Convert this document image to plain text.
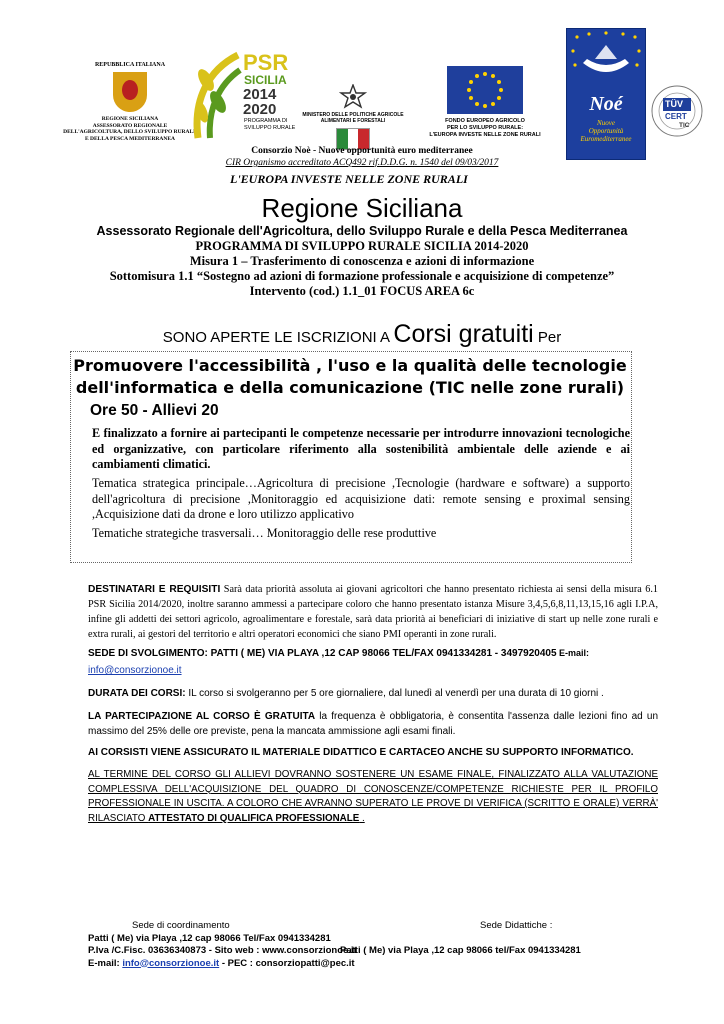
REPUBBLICA ITALIANA
REGIONE SICILIANA
ASSESSORATO REGIONALE
DELL'AGRICOLTURA, DELLO SVILUPPO RURALE
E DELLA PESCA MEDITERRANEA
PSR
SICILIA
2014
2020
PROGRAMMA DI
SVILUPPO RURALE
MINISTERO DELLE POLITICHE AGRICOLE
ALIMENTARI E FORESTALI	FONDO EUROPEO AGRICOLO
PER LO SVILUPPO RURALE:
L'EUROPA INVESTE NELLE ZONE RURALI
Noé
Nuove
Opportunità
Euromediterranee
TÜV
CERT
TIC
Consorzio Noè - Nuove opportunità euro mediterranee
CIR Organismo accreditato ACQ492 rif.D.D.G. n. 1540 del 09/03/2017
L'EUROPA INVESTE NELLE ZONE RURALI
Regione Siciliana
Assessorato Regionale dell'Agricoltura, dello Sviluppo Rurale e della Pesca Mediterranea
PROGRAMMA DI SVILUPPO RURALE SICILIA 2014-2020
Misura 1 – Trasferimento di conoscenza e azioni di informazione
Sottomisura 1.1 “Sostegno ad azioni di formazione professionale e acquisizione di competenze”
Intervento (cod.) 1.1_01 FOCUS AREA 6c
SONO APERTE LE ISCRIZIONI A Corsi gratuiti Per
Promuovere l'accessibilità , l'uso e la qualità delle tecnologie
dell'informatica e della comunicazione (TIC nelle zone rurali)
Ore 50 - Allievi 20
E finalizzato a fornire ai partecipanti le competenze necessarie per introdurre innovazioni tecnologiche ed organizzative, con particolare riferimento alla sostenibilità ambientale delle aziende e ai cambiamenti climatici.
Tematica strategica principale…Agricoltura di precisione ,Tecnologie (hardware e software) a supporto dell'agricoltura di precisione ,Monitoraggio ed acquisizione dati: remote sensing e proximal sensing ,Acquisizione dati da drone e loro utilizzo applicativo
Tematiche strategiche trasversali… Monitoraggio delle rese produttive
DESTINATARI E REQUISITI Sarà data priorità assoluta ai giovani agricoltori che hanno presentato richiesta ai sensi della misura 6.1 PSR Sicilia 2014/2020, inoltre saranno ammessi a partecipare coloro che hanno presentato istanza Misure 3,4,5,6,8,11,13,15,16 agli I.P.A, infine gli addetti dei settori agricolo, agroalimentare e forestale, sarà data priorità ai beneficiari di iniziative di start up nelle zone rurali e extra rurali, ai gestori del territorio e altri operatori economici che siano PMI operanti in zone rurali.
SEDE DI SVOLGIMENTO: PATTI ( ME) VIA PLAYA ,12 CAP 98066 TEL/FAX 0941334281 - 3497920405 E-mail:
info@consorzionoe.it
DURATA DEI CORSI: IL corso si svolgeranno per 5 ore giornaliere, dal lunedì al venerdì per una durata di 10 giorni .
LA PARTECIPAZIONE AL CORSO È GRATUITA la frequenza è obbligatoria, è consentita l'assenza dalle lezioni fino ad un massimo del 25% delle ore previste, pena la mancata ammissione agli esami finali.
AI CORSISTI VIENE ASSICURATO IL MATERIALE DIDATTICO E CARTACEO ANCHE SU SUPPORTO INFORMATICO.
AL TERMINE DEL CORSO GLI ALLIEVI DOVRANNO SOSTENERE UN ESAME FINALE, FINALIZZATO ALLA VALUTAZIONE COMPLESSIVA DELL'ACQUISIZIONE DEL QUADRO DI CONOSCENZE/COMPETENZE RICHIESTE PER IL PROFILO PROFESSIONALE IN USCITA. A COLORO CHE AVRANNO SUPERATO LE PROVE DI VERIFICA (SCRITTO E ORALE) VERRÀ' RILASCIATO ATTESTATO DI QUALIFICA PROFESSIONALE .
Sede di coordinamento
Patti ( Me) via Playa ,12 cap 98066 Tel/Fax 0941334281
P.Iva /C.Fisc. 03636340873 - Sito web : www.consorzionoe.it
E-mail: info@consorzionoe.it - PEC : consorziopatti@pec.it
Sede Didattiche :
Patti ( Me) via Playa ,12 cap 98066 tel/Fax 0941334281
